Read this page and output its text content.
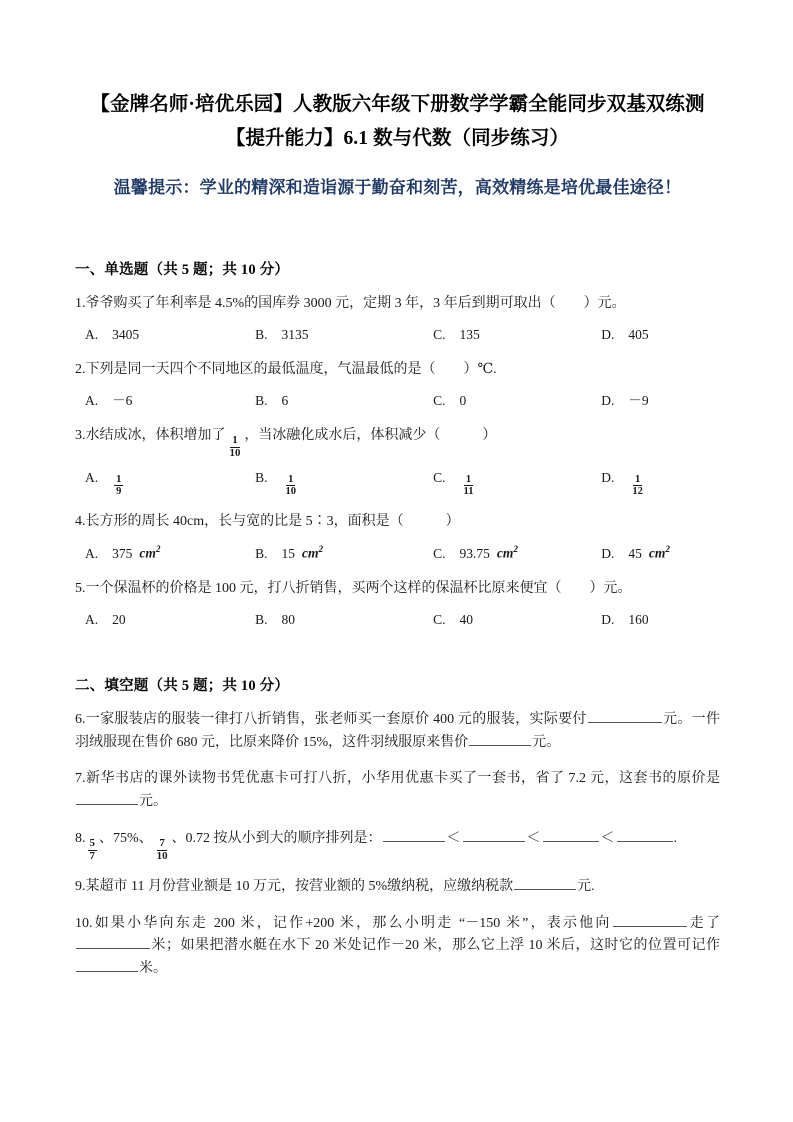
【金牌名师·培优乐园】人教版六年级下册数学学霸全能同步双基双练测
【提升能力】6.1 数与代数（同步练习）
温馨提示：学业的精深和造诣源于勤奋和刻苦，高效精练是培优最佳途径！
一、单选题（共 5 题；共 10 分）
1.爷爷购买了年利率是 4.5%的国库券 3000 元，定期 3 年，3 年后到期可取出（　　）元。
A. 3405	B. 3135	C. 135	D. 405
2.下列是同一天四个不同地区的最低温度，气温最低的是（　　）℃.
A. －6	B. 6	C. 0	D. －9
3.水结成冰，体积增加了
$\frac{1}{10}$
，当冰融化成水后，体积减少（　　　）
A. $\frac{1}{9}$	B. $\frac{1}{10}$	C. $\frac{1}{11}$	D. $\frac{1}{12}$
4.长方形的周长 40cm，长与宽的比是 5∶3，面积是（　　　）
A. 375 $cm^2$	B. 15 $cm^2$	C. 93.75 $cm^2$	D. 45 $cm^2$
5.一个保温杯的价格是 100 元，打八折销售，买两个这样的保温杯比原来便宜（　　）元。
A. 20	B. 80	C. 40	D. 160
二、填空题（共 5 题；共 10 分）
6.一家服装店的服装一律打八折销售，张老师买一套原价 400 元的服装，实际要付	元。一件羽绒服现在售价 680 元，比原来降价 15%，这件羽绒服原来售价	元。
7.新华书店的课外读物书凭优惠卡可打八折，小华用优惠卡买了一套书，省了 7.2 元，这套书的原价是元。
8.
$\frac{5}{7}$
、75%、
$\frac{7}{10}$
、0.72 按从小到大的顺序排列是：	＜	＜	＜	.
9.某超市 11 月份营业额是 10 万元，按营业额的 5%缴纳税，应缴纳税款	元.
10.如果小华向东走 200 米，记作+200 米，那么小明走 “－150 米”，表示他向	走了米；如果把潜水艇在水下 20 米处记作－20 米，那么它上浮 10 米后，这时它的位置可记作米。
